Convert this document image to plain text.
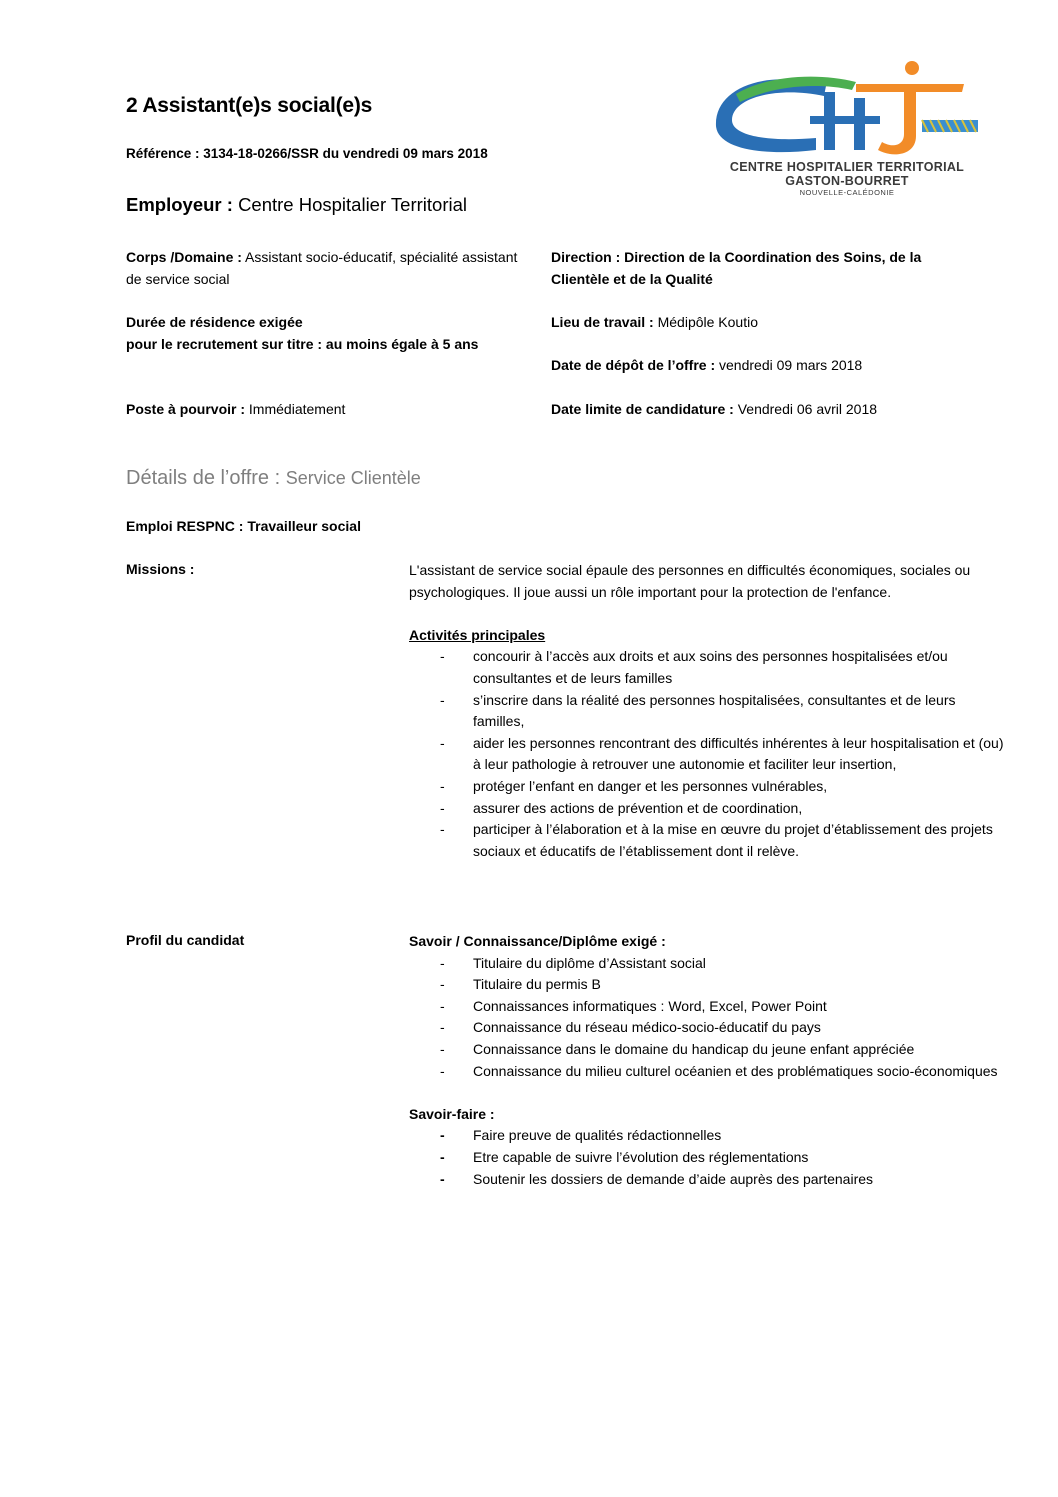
2 Assistant(e)s social(e)s
Référence : 3134-18-0266/SSR du vendredi 09 mars 2018
Employeur : Centre Hospitalier Territorial
CENTRE HOSPITALIER TERRITORIAL
GASTON-BOURRET
NOUVELLE-CALÉDONIE
Corps /Domaine : Assistant socio-éducatif, spécialité assistant de service social
Direction : Direction de la Coordination des Soins, de la Clientèle et de la Qualité
Durée de résidence exigée
pour le recrutement sur titre : au moins égale à 5 ans
Lieu de travail : Médipôle Koutio
Date de dépôt de l’offre : vendredi 09 mars 2018
Poste à pourvoir : Immédiatement	Date limite de candidature : Vendredi 06 avril 2018
Détails de l’offre : Service Clientèle
Emploi RESPNC : Travailleur social
Missions :	L'assistant de service social épaule des personnes en difficultés économiques, sociales ou psychologiques. Il joue aussi un rôle important pour la protection de l'enfance.

Activités principales

- concourir à l’accès aux droits et aux soins des personnes hospitalisées et/ou consultantes et de leurs familles
- s’inscrire dans la réalité des personnes hospitalisées, consultantes et de leurs familles,
- aider les personnes rencontrant des difficultés inhérentes à leur hospitalisation et (ou) à leur pathologie à retrouver une autonomie et faciliter leur insertion,
- protéger l’enfant en danger et les personnes vulnérables,
- assurer des actions de prévention et de coordination,
- participer à l’élaboration et à la mise en œuvre du projet d’établissement des projets sociaux et éducatifs de l’établissement dont il relève.
Profil du candidat	Savoir / Connaissance/Diplôme exigé :

- Titulaire du diplôme d’Assistant social
- Titulaire du permis B
- Connaissances informatiques : Word, Excel, Power Point
- Connaissance du réseau médico-socio-éducatif du pays
- Connaissance dans le domaine du handicap du jeune enfant appréciée
- Connaissance du milieu culturel océanien et des problématiques socio-économiques

Savoir-faire :

- Faire preuve de qualités rédactionnelles
- Etre capable de suivre l’évolution des réglementations
- Soutenir les dossiers de demande d’aide auprès des partenaires
